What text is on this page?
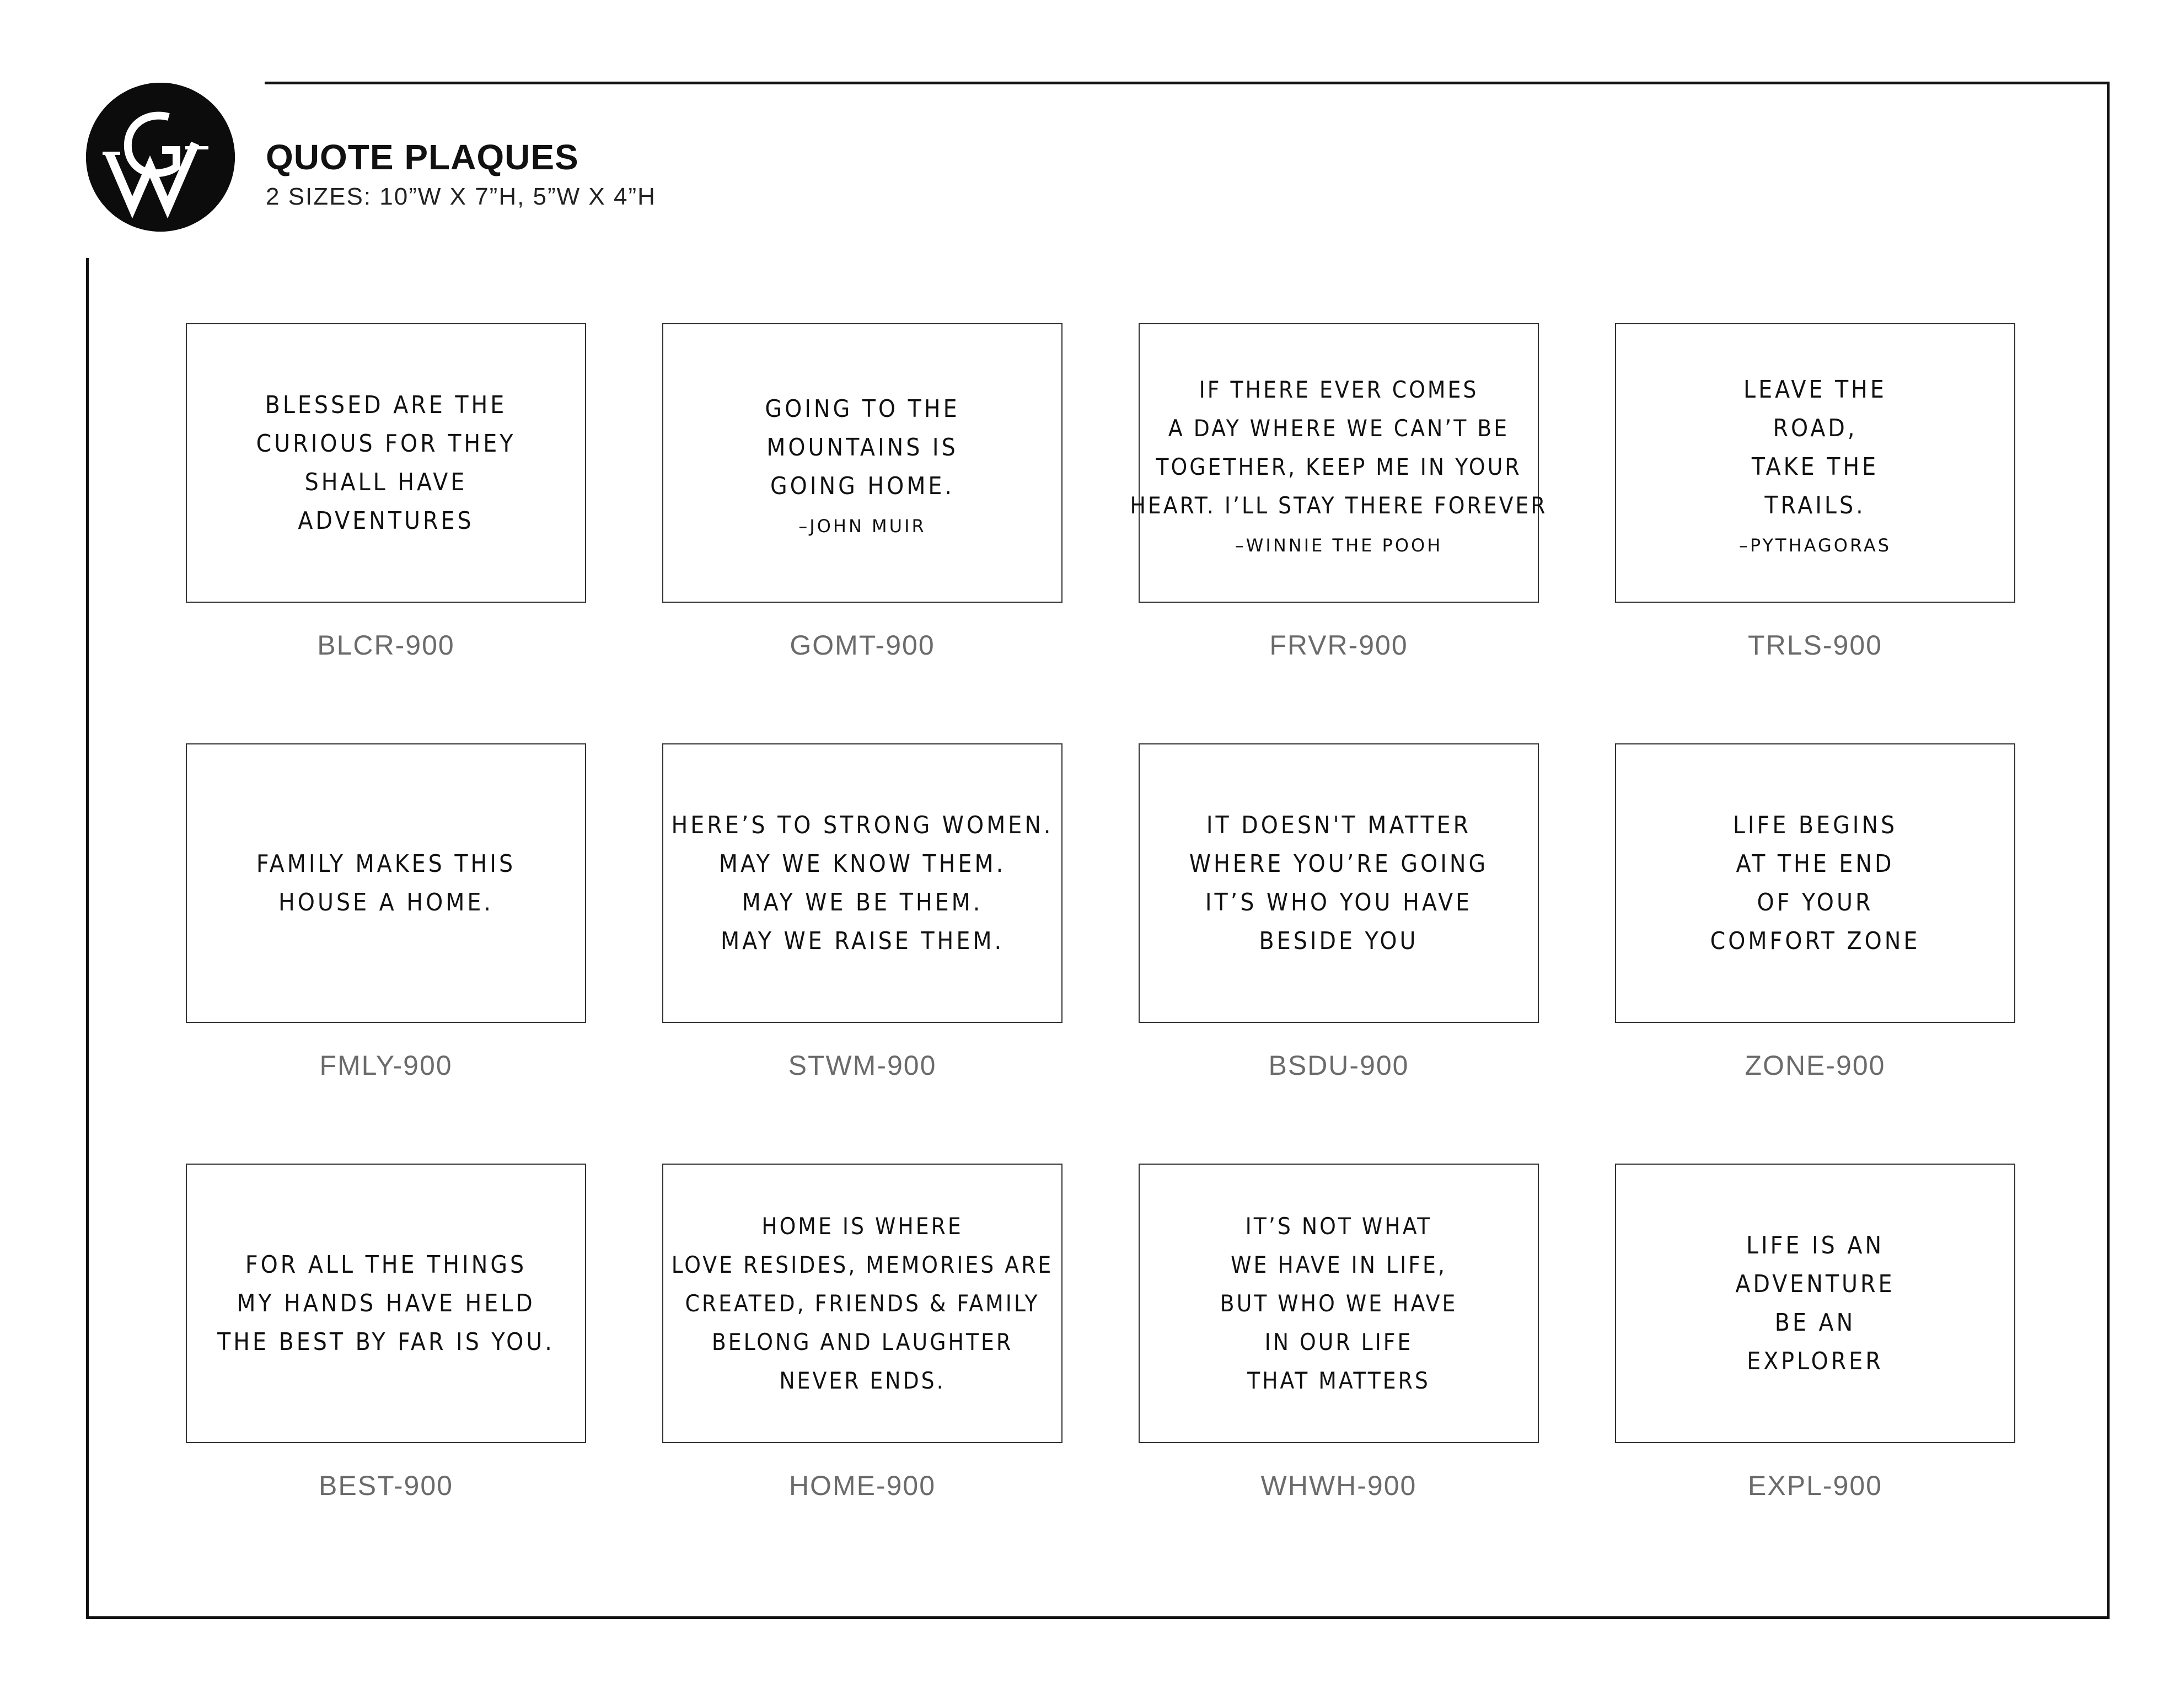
QUOTE PLAQUES
2 SIZES: 10”W X 7”H, 5”W X 4”H
BLESSED ARE THE
CURIOUS FOR THEY
SHALL HAVE
ADVENTURES
BLCR-900
GOING TO THE
MOUNTAINS IS
GOING HOME.
–JOHN MUIR
GOMT-900
IF THERE EVER COMES
A DAY WHERE WE CAN’T BE
TOGETHER, KEEP ME IN YOUR
HEART. I’LL STAY THERE FOREVER
–WINNIE THE POOH
FRVR-900
LEAVE THE
ROAD,
TAKE THE
TRAILS.
–PYTHAGORAS
TRLS-900
FAMILY MAKES THIS
HOUSE A HOME.
FMLY-900
HERE’S TO STRONG WOMEN.
MAY WE KNOW THEM.
MAY WE BE THEM.
MAY WE RAISE THEM.
STWM-900
IT DOESN'T MATTER
WHERE YOU’RE GOING
IT’S WHO YOU HAVE
BESIDE YOU
BSDU-900
LIFE BEGINS
AT THE END
OF YOUR
COMFORT ZONE
ZONE-900
FOR ALL THE THINGS
MY HANDS HAVE HELD
THE BEST BY FAR IS YOU.
BEST-900
HOME IS WHERE
LOVE RESIDES, MEMORIES ARE
CREATED, FRIENDS & FAMILY
BELONG AND LAUGHTER
NEVER ENDS.
HOME-900
IT’S NOT WHAT
WE HAVE IN LIFE,
BUT WHO WE HAVE
IN OUR LIFE
THAT MATTERS
WHWH-900
LIFE IS AN
ADVENTURE
BE AN
EXPLORER
EXPL-900
